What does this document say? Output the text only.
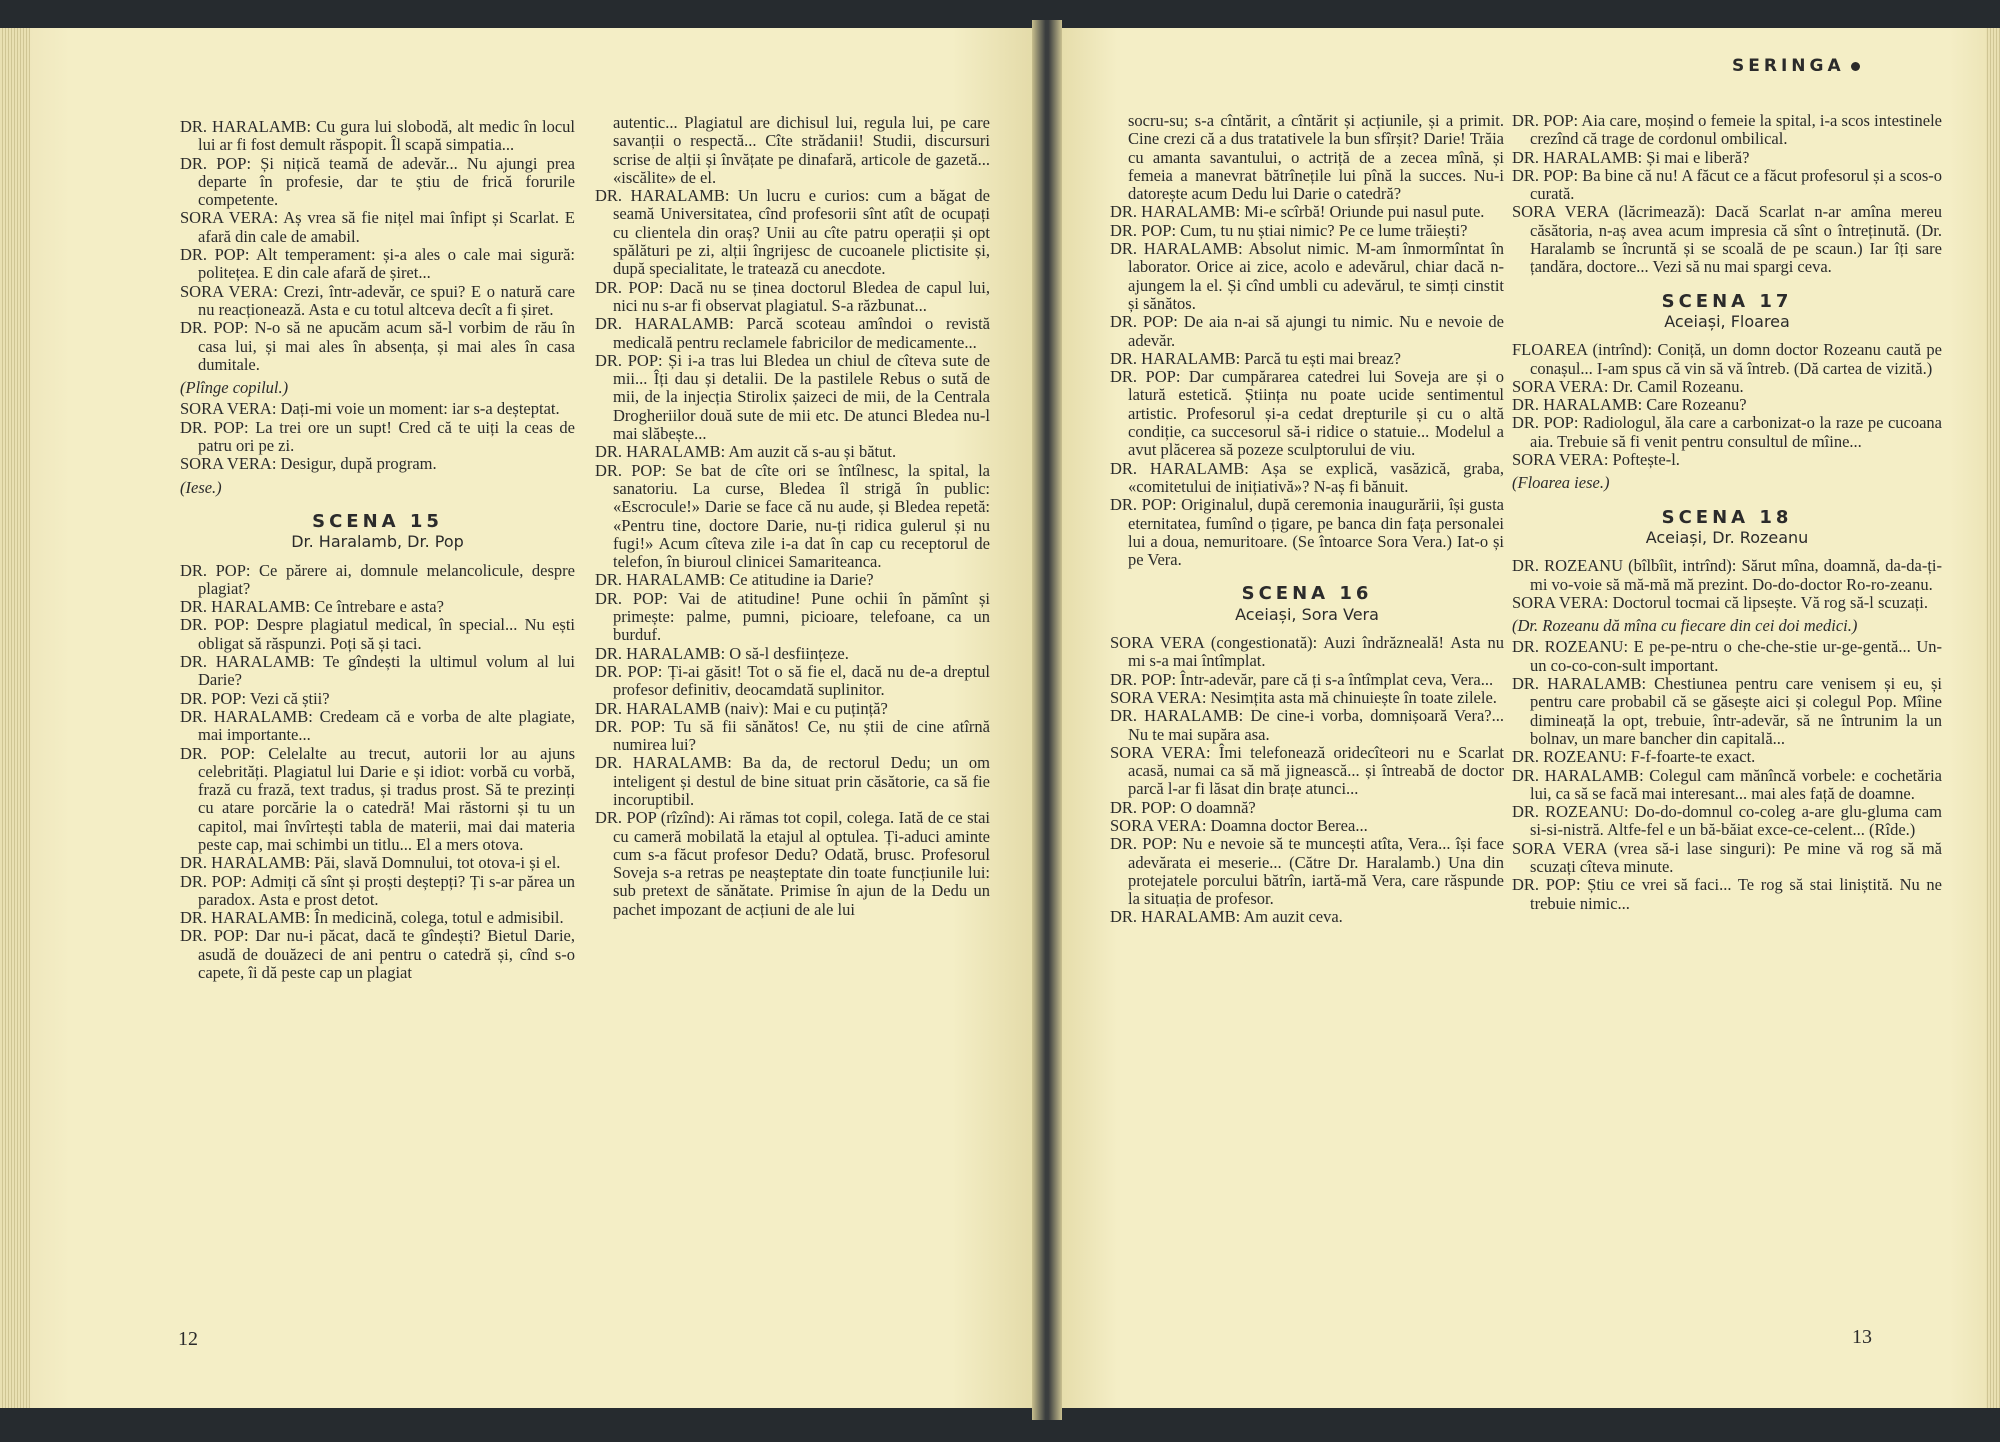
DR. HARALAMB: Cu gura lui slobodă, alt medic în locul lui ar fi fost demult răspopit. Îl scapă simpatia...

DR. POP: Și nițică teamă de adevăr... Nu ajungi prea departe în profesie, dar te știu de frică forurile competente.

SORA VERA: Aș vrea să fie nițel mai înfipt și Scarlat. E afară din cale de amabil.

DR. POP: Alt temperament: și-a ales o cale mai sigură: politețea. E din cale afară de șiret...

SORA VERA: Crezi, într-adevăr, ce spui? E o natură care nu reacționează. Asta e cu totul altceva decît a fi șiret.

DR. POP: N-o să ne apucăm acum să-l vorbim de rău în casa lui, și mai ales în absența, și mai ales în casa dumitale.

(Plînge copilul.)

SORA VERA: Dați-mi voie un moment: iar s-a deșteptat.

DR. POP: La trei ore un supt! Cred că te uiți la ceas de patru ori pe zi.

SORA VERA: Desigur, după program.

(Iese.)

SCENA 15
Dr. Haralamb, Dr. Pop

DR. POP: Ce părere ai, domnule melancolicule, despre plagiat?

DR. HARALAMB: Ce întrebare e asta?

DR. POP: Despre plagiatul medical, în special... Nu ești obligat să răspunzi. Poți să și taci.

DR. HARALAMB: Te gîndești la ultimul volum al lui Darie?

DR. POP: Vezi că știi?

DR. HARALAMB: Credeam că e vorba de alte plagiate, mai importante...

DR. POP: Celelalte au trecut, autorii lor au ajuns celebrități. Plagiatul lui Darie e și idiot: vorbă cu vorbă, frază cu frază, text tradus, și tradus prost. Să te prezinți cu atare porcărie la o catedră! Mai răstorni și tu un capitol, mai învîrtești tabla de materii, mai dai materia peste cap, mai schimbi un titlu... El a mers otova.

DR. HARALAMB: Păi, slavă Domnului, tot otova-i și el.

DR. POP: Admiți că sînt și proști deștepți? Ți s-ar părea un paradox. Asta e prost detot.

DR. HARALAMB: În medicină, colega, totul e admisibil.

DR. POP: Dar nu-i păcat, dacă te gîndești? Bietul Darie, asudă de douăzeci de ani pentru o catedră și, cînd s-o capete, îi dă peste cap un plagiat

autentic... Plagiatul are dichisul lui, regula lui, pe care savanții o respectă... Cîte strădanii! Studii, discursuri scrise de alții și învățate pe dinafară, articole de gazetă... «iscălite» de el.

DR. HARALAMB: Un lucru e curios: cum a băgat de seamă Universitatea, cînd profesorii sînt atît de ocupați cu clientela din oraș? Unii au cîte patru operații și opt spălături pe zi, alții îngrijesc de cucoanele plictisite și, după specialitate, le tratează cu anecdote.

DR. POP: Dacă nu se ținea doctorul Bledea de capul lui, nici nu s-ar fi observat plagiatul. S-a răzbunat...

DR. HARALAMB: Parcă scoteau amîndoi o revistă medicală pentru reclamele fabricilor de medicamente...

DR. POP: Și i-a tras lui Bledea un chiul de cîteva sute de mii... Îți dau și detalii. De la pastilele Rebus o sută de mii, de la injecția Stirolix șaizeci de mii, de la Centrala Drogheriilor două sute de mii etc. De atunci Bledea nu-l mai slăbește...

DR. HARALAMB: Am auzit că s-au și bătut.

DR. POP: Se bat de cîte ori se întîlnesc, la spital, la sanatoriu. La curse, Bledea îl strigă în public: «Escrocule!» Darie se face că nu aude, și Bledea repetă: «Pentru tine, doctore Darie, nu-ți ridica gulerul și nu fugi!» Acum cîteva zile i-a dat în cap cu receptorul de telefon, în biuroul clinicei Samariteanca.

DR. HARALAMB: Ce atitudine ia Darie?

DR. POP: Vai de atitudine! Pune ochii în pămînt și primește: palme, pumni, picioare, telefoane, ca un burduf.

DR. HARALAMB: O să-l desființeze.

DR. POP: Ți-ai găsit! Tot o să fie el, dacă nu de-a dreptul profesor definitiv, deocamdată suplinitor.

DR. HARALAMB (naiv): Mai e cu puțință?

DR. POP: Tu să fii sănătos! Ce, nu știi de cine atîrnă numirea lui?

DR. HARALAMB: Ba da, de rectorul Dedu; un om inteligent și destul de bine situat prin căsătorie, ca să fie incoruptibil.

DR. POP (rîzînd): Ai rămas tot copil, colega. Iată de ce stai cu cameră mobilată la etajul al optulea. Ți-aduci aminte cum s-a făcut profesor Dedu? Odată, brusc. Profesorul Soveja s-a retras pe neașteptate din toate funcțiunile lui: sub pretext de sănătate. Primise în ajun de la Dedu un pachet impozant de acțiuni de ale lui

12
SERINGA

socru-su; s-a cîntărit, a cîntărit și acțiunile, și a primit. Cine crezi că a dus tratativele la bun sfîrșit? Darie! Trăia cu amanta savantului, o actriță de a zecea mînă, și femeia a manevrat bătrînețile lui pînă la succes. Nu-i datorește acum Dedu lui Darie o catedră?

DR. HARALAMB: Mi-e scîrbă! Oriunde pui nasul pute.

DR. POP: Cum, tu nu știai nimic? Pe ce lume trăiești?

DR. HARALAMB: Absolut nimic. M-am înmormîntat în laborator. Orice ai zice, acolo e adevărul, chiar dacă n-ajungem la el. Și cînd umbli cu adevărul, te simți cinstit și sănătos.

DR. POP: De aia n-ai să ajungi tu nimic. Nu e nevoie de adevăr.

DR. HARALAMB: Parcă tu ești mai breaz?

DR. POP: Dar cumpărarea catedrei lui Soveja are și o latură estetică. Știința nu poate ucide sentimentul artistic. Profesorul și-a cedat drepturile și cu o altă condiție, ca succesorul să-i ridice o statuie... Modelul a avut plăcerea să pozeze sculptorului de viu.

DR. HARALAMB: Așa se explică, vasăzică, graba, «comitetului de inițiativă»? N-aș fi bănuit.

DR. POP: Originalul, după ceremonia inaugurării, își gusta eternitatea, fumînd o țigare, pe banca din fața personalei lui a doua, nemuritoare. (Se întoarce Sora Vera.) Iat-o și pe Vera.

SCENA 16
Aceiași, Sora Vera

SORA VERA (congestionată): Auzi îndrăzneală! Asta nu mi s-a mai întîmplat.

DR. POP: Într-adevăr, pare că ți s-a întîmplat ceva, Vera...

SORA VERA: Nesimțita asta mă chinuiește în toate zilele.

DR. HARALAMB: De cine-i vorba, domnișoară Vera?... Nu te mai supăra asa.

SORA VERA: Îmi telefonează oridecîteori nu e Scarlat acasă, numai ca să mă jignească... și întreabă de doctor parcă l-ar fi lăsat din brațe atunci...

DR. POP: O doamnă?

SORA VERA: Doamna doctor Berea...

DR. POP: Nu e nevoie să te muncești atîta, Vera... își face adevărata ei meserie... (Către Dr. Haralamb.) Una din protejatele porcului bătrîn, iartă-mă Vera, care răspunde la situația de profesor.

DR. HARALAMB: Am auzit ceva.

DR. POP: Aia care, moșind o femeie la spital, i-a scos intestinele crezînd că trage de cordonul ombilical.

DR. HARALAMB: Și mai e liberă?

DR. POP: Ba bine că nu! A făcut ce a făcut profesorul și a scos-o curată.

SORA VERA (lăcrimează): Dacă Scarlat n-ar amîna mereu căsătoria, n-aș avea acum impresia că sînt o întreținută. (Dr. Haralamb se încruntă și se scoală de pe scaun.) Iar îți sare țandăra, doctore... Vezi să nu mai spargi ceva.

SCENA 17
Aceiași, Floarea

FLOAREA (intrînd): Coniță, un domn doctor Rozeanu caută pe conașul... I-am spus că vin să vă întreb. (Dă cartea de vizită.)

SORA VERA: Dr. Camil Rozeanu.

DR. HARALAMB: Care Rozeanu?

DR. POP: Radiologul, ăla care a carbonizat-o la raze pe cucoana aia. Trebuie să fi venit pentru consultul de mîine...

SORA VERA: Poftește-l.

(Floarea iese.)

SCENA 18
Aceiași, Dr. Rozeanu

DR. ROZEANU (bîlbîit, intrînd): Sărut mîna, doamnă, da-da-ți-mi vo-voie să mă-mă mă prezint. Do-do-doctor Ro-ro-zeanu.

SORA VERA: Doctorul tocmai că lipsește. Vă rog să-l scuzați.

(Dr. Rozeanu dă mîna cu fiecare din cei doi medici.)

DR. ROZEANU: E pe-pe-ntru o che-che-stie ur-ge-gentă... Un-un co-co-con-sult important.

DR. HARALAMB: Chestiunea pentru care venisem și eu, și pentru care probabil că se găsește aici și colegul Pop. Mîine dimineață la opt, trebuie, într-adevăr, să ne întrunim la un bolnav, un mare bancher din capitală...

DR. ROZEANU: F-f-foarte-te exact.

DR. HARALAMB: Colegul cam mănîncă vorbele: e cochetăria lui, ca să se facă mai interesant... mai ales față de doamne.

DR. ROZEANU: Do-do-domnul co-coleg a-are glu-gluma cam si-si-nistră. Altfe-fel e un bă-băiat exce-ce-celent... (Rîde.)

SORA VERA (vrea să-i lase singuri): Pe mine vă rog să mă scuzați cîteva minute.

DR. POP: Știu ce vrei să faci... Te rog să stai liniștită. Nu ne trebuie nimic...

13
